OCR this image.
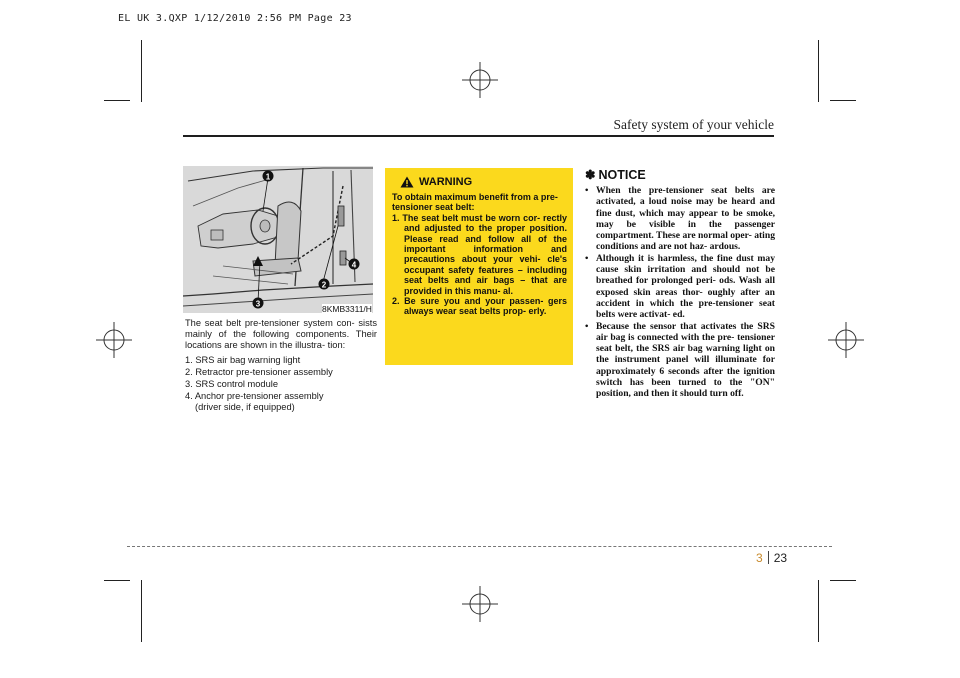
EL UK 3.QXP 1/12/2010 2:56 PM Page 23
Safety system of your vehicle
1
2
3
4
8KMB3311/H

The seat belt pre-tensioner system con- sists mainly of the following components. Their locations are shown in the illustra- tion:

1. SRS air bag warning light
2. Retractor pre-tensioner assembly
3. SRS control module
4. Anchor pre-tensioner assembly
(driver side, if equipped)
WARNING

To obtain maximum benefit from a pre-tensioner seat belt:

1. The seat belt must be worn cor- rectly and adjusted to the proper position. Please read and follow all of the important information and precautions about your vehi- cle's occupant safety features – including seat belts and air bags – that are provided in this manu- al.
2. Be sure you and your passen- gers always wear seat belts prop- erly.
✽ NOTICE
• When the pre-tensioner seat belts are activated, a loud noise may be heard and fine dust, which may appear to be smoke, may be visible in the passenger compartment. These are normal oper- ating conditions and are not haz- ardous.
• Although it is harmless, the fine dust may cause skin irritation and should not be breathed for prolonged peri- ods. Wash all exposed skin areas thor- oughly after an accident in which the pre-tensioner seat belts were activat- ed.
• Because the sensor that activates the SRS air bag is connected with the pre- tensioner seat belt, the SRS air bag warning light on the instrument panel will illuminate for approximately 6 seconds after the ignition switch has been turned to the "ON" position, and then it should turn off.
3 23
